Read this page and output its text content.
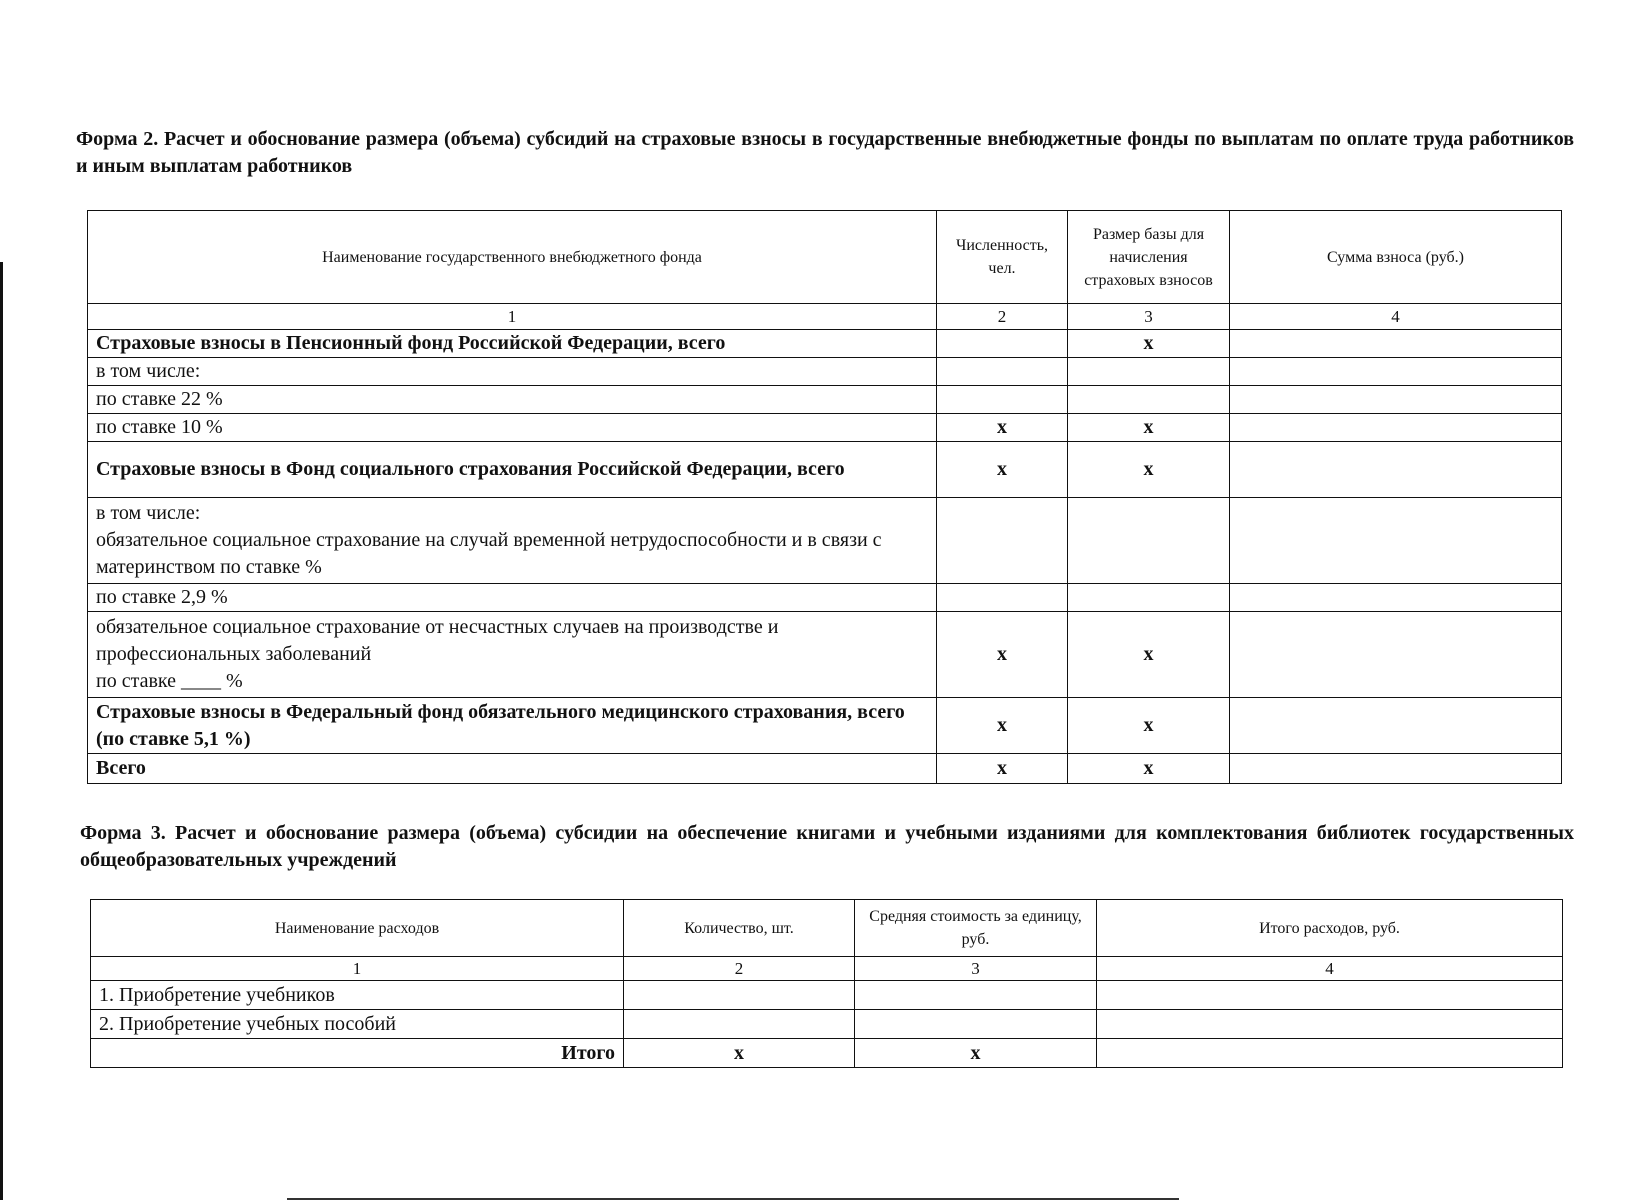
Форма 2. Расчет и обоснование размера (объема) субсидий на страховые взносы в государственные внебюджетные фонды по выплатам по оплате труда работников и иным выплатам работников
Наименование государственного внебюджетного фонда	Численность, чел.	Размер базы для начисления страховых взносов	Сумма взноса (руб.)
1	2	3	4
Страховые взносы в Пенсионный фонд Российской Федерации, всего		x	
в том числе:			
по ставке 22 %			
по ставке 10 %	x	x	
Страховые взносы в Фонд социального страхования Российской Федерации, всего	x	x	

в том числе:
обязательное социальное страхование на случай временной нетрудоспособности и в связи с материнством по ставке %			

по ставке 2,9 %			

обязательное социальное страхование от несчастных случаев на производстве и профессиональных заболеваний
по ставке ____ %	x	x	
Страховые взносы в Федеральный фонд обязательного медицинского страхования, всего (по ставке 5,1 %)	x	x	
Всего	x	x	
Форма 3. Расчет и обоснование размера (объема) субсидии на обеспечение книгами и учебными изданиями для комплектования библиотек государственных общеобразовательных учреждений
Наименование расходов	Количество, шт.	Средняя стоимость за единицу, руб.	Итого расходов, руб.
1	2	3	4
1. Приобретение учебников			
2. Приобретение учебных пособий			
Итого	x	x	
